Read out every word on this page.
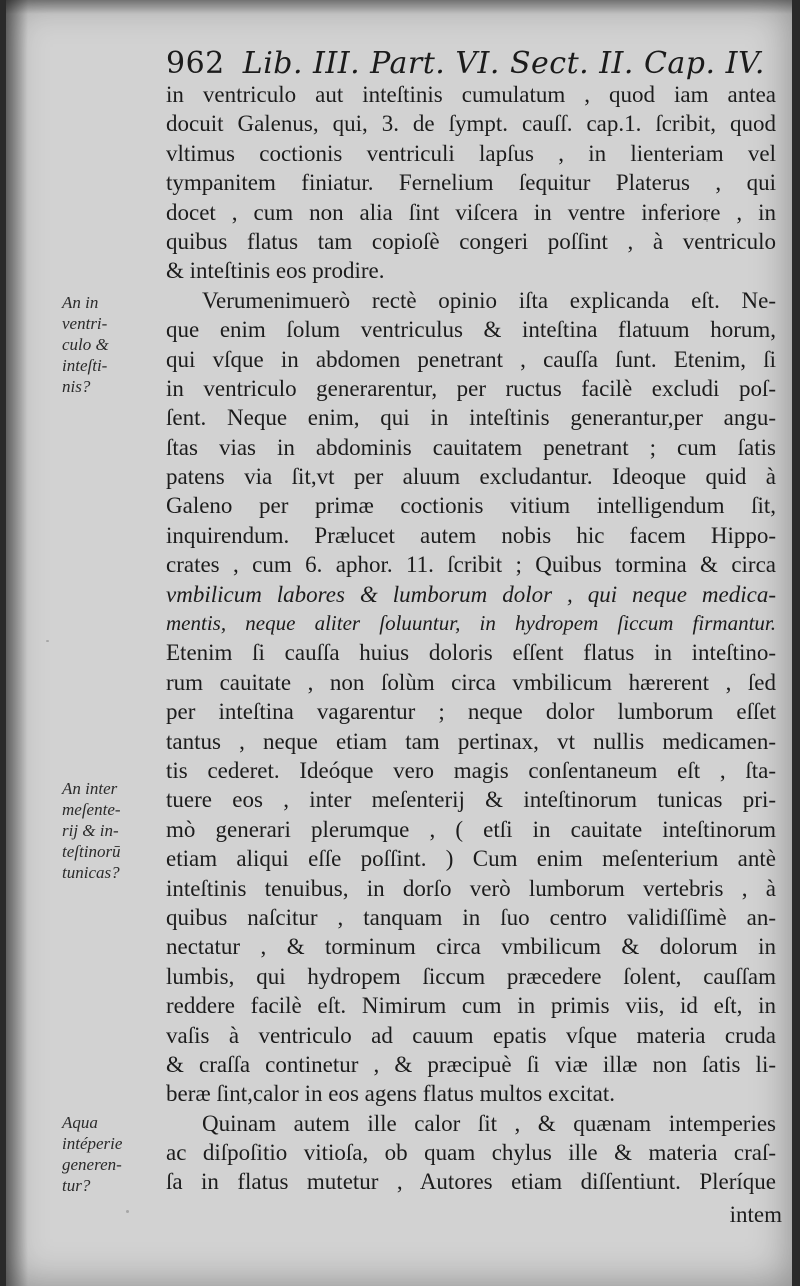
962 Lib. III. Part. VI. Sect. II. Cap. IV.
in ventriculo aut inteſtinis cumulatum , quod iam antea
docuit Galenus, qui, 3. de ſympt. cauſſ. cap.1. ſcribit, quod
vltimus coctionis ventriculi lapſus , in lienteriam vel
tympanitem finiatur. Fernelium ſequitur Platerus , qui
docet , cum non alia ſint viſcera in ventre inferiore , in
quibus flatus tam copioſè congeri poſſint , à ventriculo
& inteſtinis eos prodire.
Verumenimuerò rectè opinio iſta explicanda eſt. Ne-
que enim ſolum ventriculus & inteſtina flatuum horum,
qui vſque in abdomen penetrant , cauſſa ſunt. Etenim, ſi
in ventriculo generarentur, per ructus facilè excludi poſ-
ſent. Neque enim, qui in inteſtinis generantur,per angu-
ſtas vias in abdominis cauitatem penetrant ; cum ſatis
patens via ſit,vt per aluum excludantur. Ideoque quid à
Galeno per primæ coctionis vitium intelligendum ſit,
inquirendum. Prælucet autem nobis hic facem Hippo-
crates , cum 6. aphor. 11. ſcribit ; Quibus tormina & circa
vmbilicum labores & lumborum dolor , qui neque medica-
mentis, neque aliter ſoluuntur, in hydropem ſiccum firmantur.
Etenim ſi cauſſa huius doloris eſſent flatus in inteſtino-
rum cauitate , non ſolùm circa vmbilicum hærerent , ſed
per inteſtina vagarentur ; neque dolor lumborum eſſet
tantus , neque etiam tam pertinax, vt nullis medicamen-
tis cederet. Ideóque vero magis conſentaneum eſt , ſta-
tuere eos , inter meſenterij & inteſtinorum tunicas pri-
mò generari plerumque , ( etſi in cauitate inteſtinorum
etiam aliqui eſſe poſſint. ) Cum enim meſenterium antè
inteſtinis tenuibus, in dorſo verò lumborum vertebris , à
quibus naſcitur , tanquam in ſuo centro validiſſimè an-
nectatur , & torminum circa vmbilicum & dolorum in
lumbis, qui hydropem ſiccum præcedere ſolent, cauſſam
reddere facilè eſt. Nimirum cum in primis viis, id eſt, in
vaſis à ventriculo ad cauum epatis vſque materia cruda
& craſſa continetur , & præcipuè ſi viæ illæ non ſatis li-
beræ ſint,calor in eos agens flatus multos excitat.
Quinam autem ille calor ſit , & quænam intemperies
ac diſpoſitio vitioſa, ob quam chylus ille & materia craſ-
ſa in flatus mutetur , Autores etiam diſſentiunt. Pleríque
intem
An in
ventri-
culo &
inteſti-
nis?
An inter
meſente-
rij & in-
teſtinorū
tunicas?
Aqua
intéperie
generen-
tur?
